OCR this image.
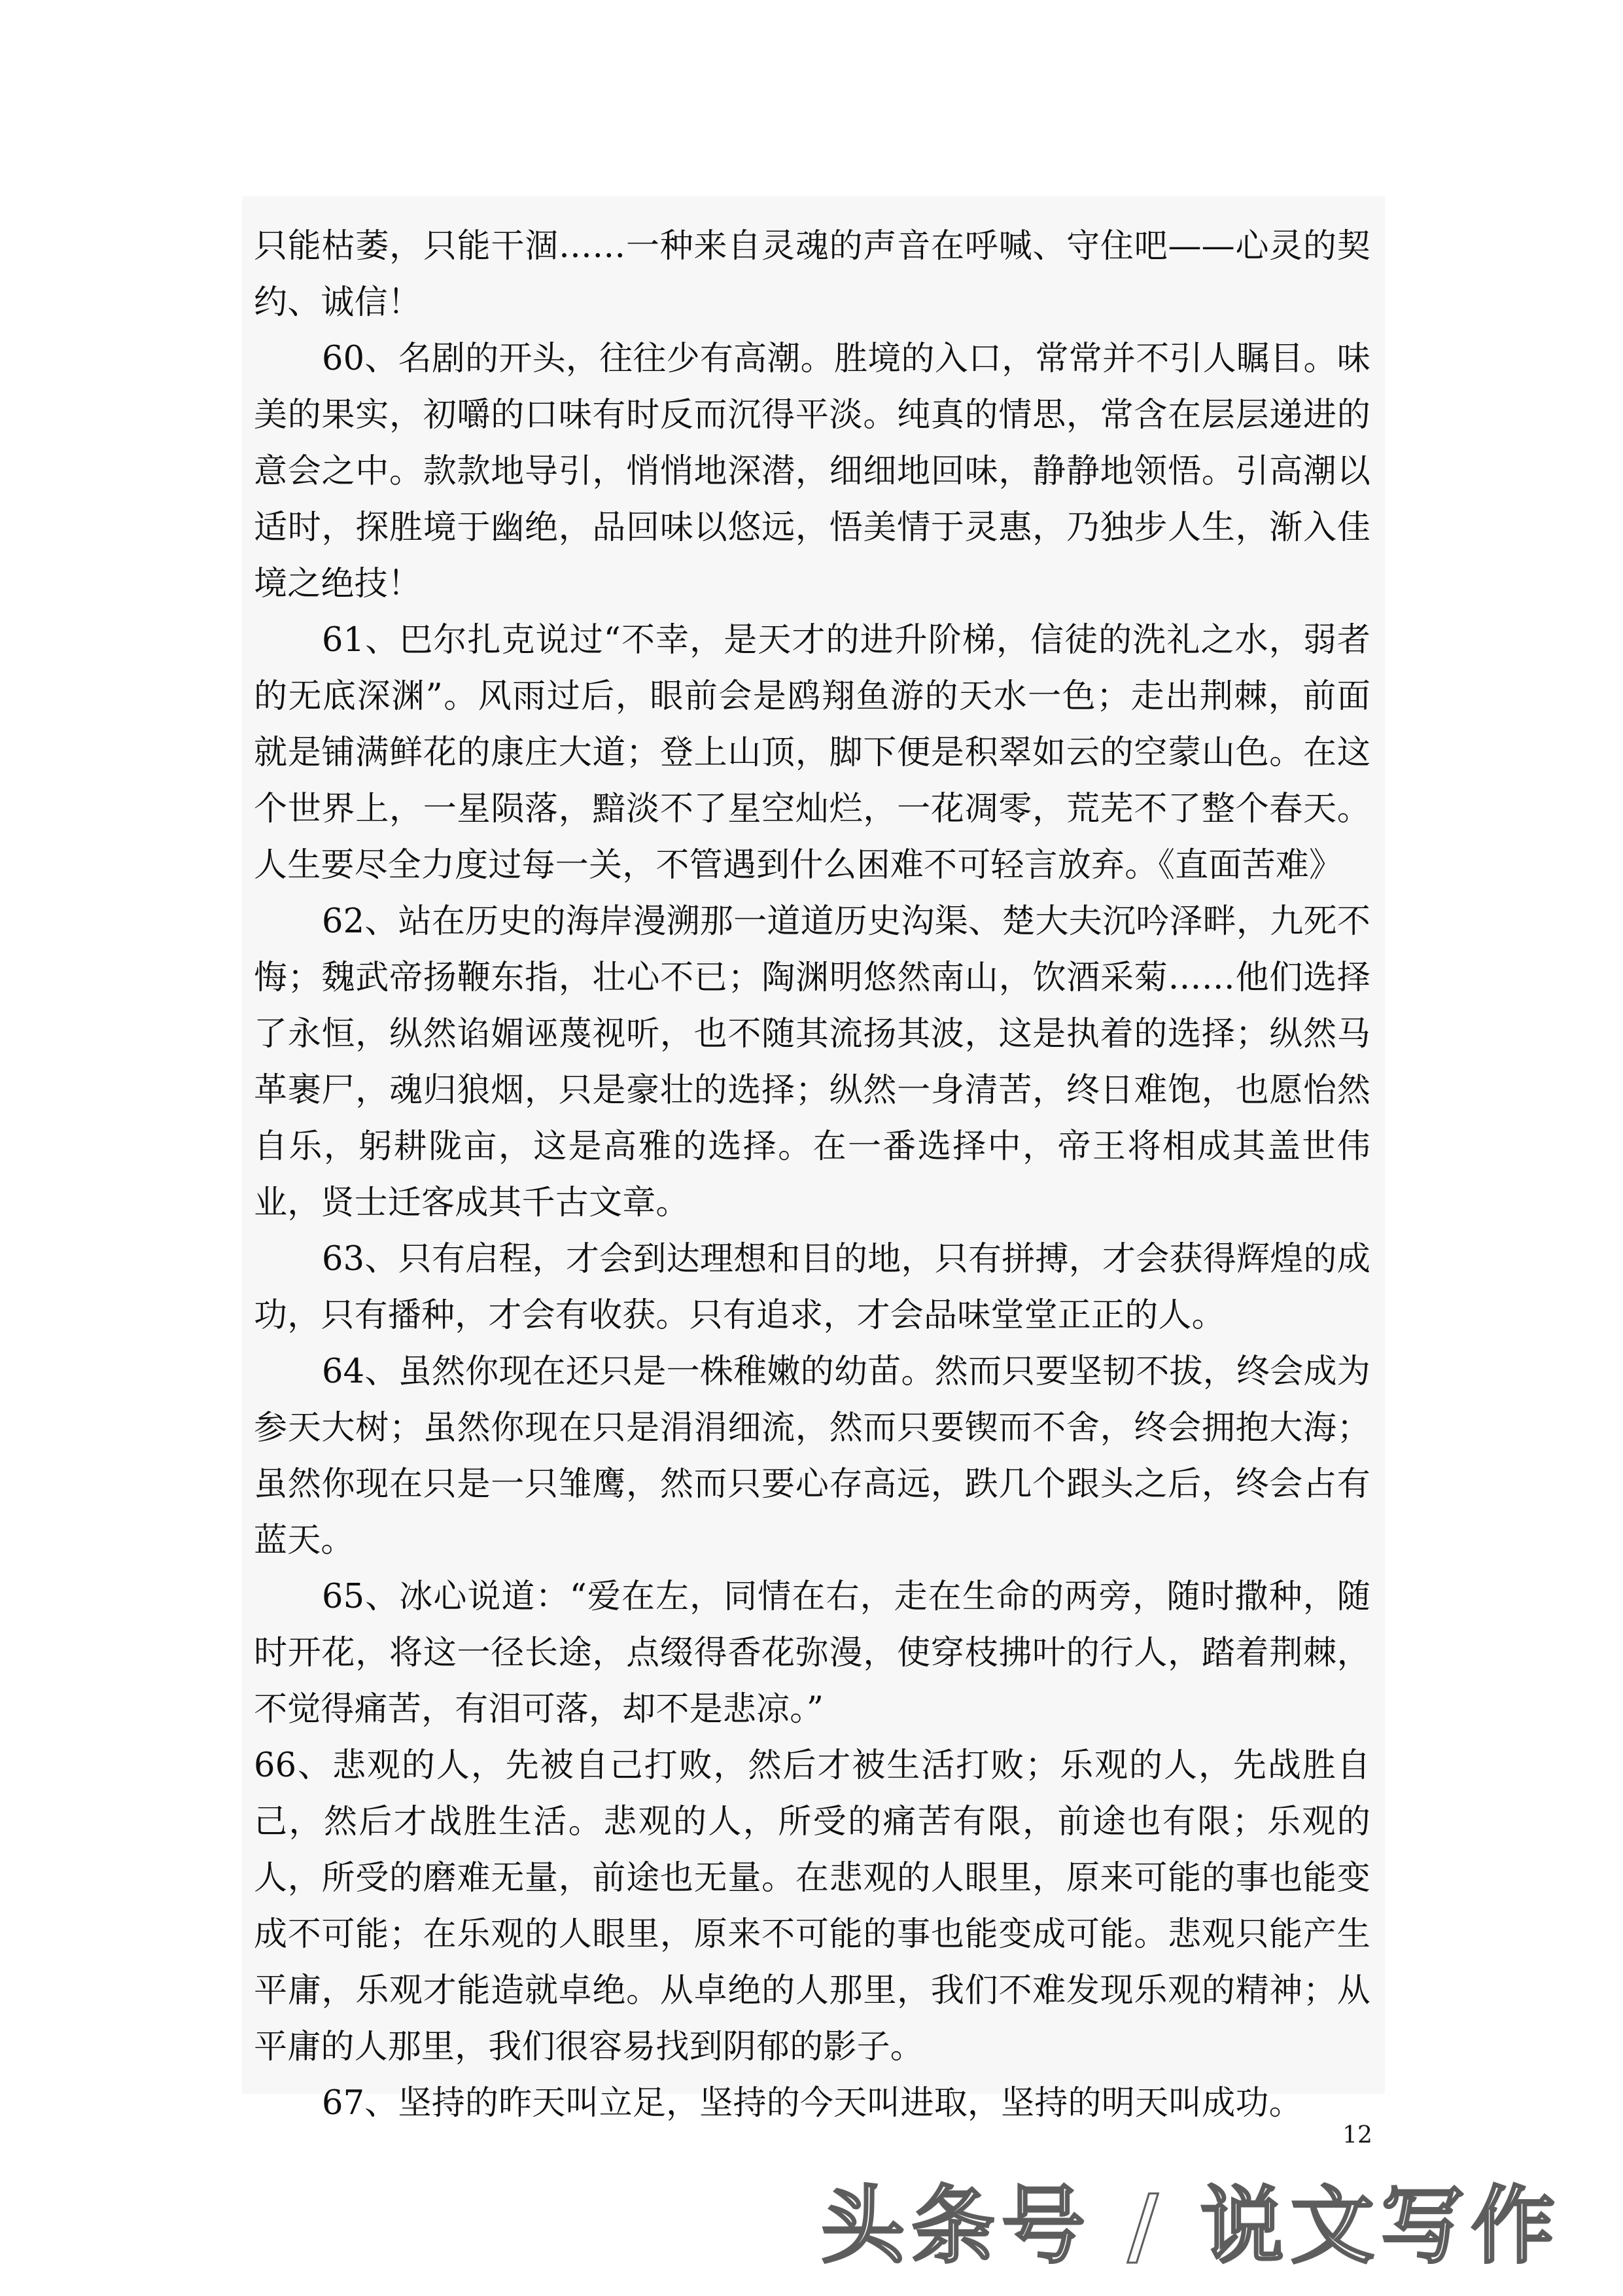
只能枯萎，只能干涸……一种来自灵魂的声音在呼喊、守住吧——心灵的契约、诚信！

60、名剧的开头，往往少有高潮。胜境的入口，常常并不引人瞩目。味美的果实，初嚼的口味有时反而沉得平淡。纯真的情思，常含在层层递进的意会之中。款款地导引，悄悄地深潜，细细地回味，静静地领悟。引高潮以适时，探胜境于幽绝，品回味以悠远，悟美情于灵惠，乃独步人生，渐入佳境之绝技！

61、巴尔扎克说过“不幸，是天才的进升阶梯，信徒的洗礼之水，弱者的无底深渊”。风雨过后，眼前会是鸥翔鱼游的天水一色；走出荆棘，前面就是铺满鲜花的康庄大道；登上山顶，脚下便是积翠如云的空蒙山色。在这个世界上，一星陨落，黯淡不了星空灿烂，一花凋零，荒芜不了整个春天。人生要尽全力度过每一关，不管遇到什么困难不可轻言放弃。《直面苦难》

62、站在历史的海岸漫溯那一道道历史沟渠、楚大夫沉吟泽畔，九死不悔；魏武帝扬鞭东指，壮心不已；陶渊明悠然南山，饮酒采菊……他们选择了永恒，纵然谄媚诬蔑视听，也不随其流扬其波，这是执着的选择；纵然马革裹尸，魂归狼烟，只是豪壮的选择；纵然一身清苦，终日难饱，也愿怡然自乐，躬耕陇亩，这是高雅的选择。在一番选择中，帝王将相成其盖世伟业，贤士迁客成其千古文章。

63、只有启程，才会到达理想和目的地，只有拼搏，才会获得辉煌的成功，只有播种，才会有收获。只有追求，才会品味堂堂正正的人。

64、虽然你现在还只是一株稚嫩的幼苗。然而只要坚韧不拔，终会成为参天大树；虽然你现在只是涓涓细流，然而只要锲而不舍，终会拥抱大海；虽然你现在只是一只雏鹰，然而只要心存高远，跌几个跟头之后，终会占有蓝天。

65、冰心说道：“爱在左，同情在右，走在生命的两旁，随时撒种，随时开花，将这一径长途，点缀得香花弥漫，使穿枝拂叶的行人，踏着荆棘，不觉得痛苦，有泪可落，却不是悲凉。”

66、悲观的人，先被自己打败，然后才被生活打败；乐观的人，先战胜自己，然后才战胜生活。悲观的人，所受的痛苦有限，前途也有限；乐观的人，所受的磨难无量，前途也无量。在悲观的人眼里，原来可能的事也能变成不可能；在乐观的人眼里，原来不可能的事也能变成可能。悲观只能产生平庸，乐观才能造就卓绝。从卓绝的人那里，我们不难发现乐观的精神；从平庸的人那里，我们很容易找到阴郁的影子。

67、坚持的昨天叫立足，坚持的今天叫进取，坚持的明天叫成功。

12
头条号 / 说文写作
